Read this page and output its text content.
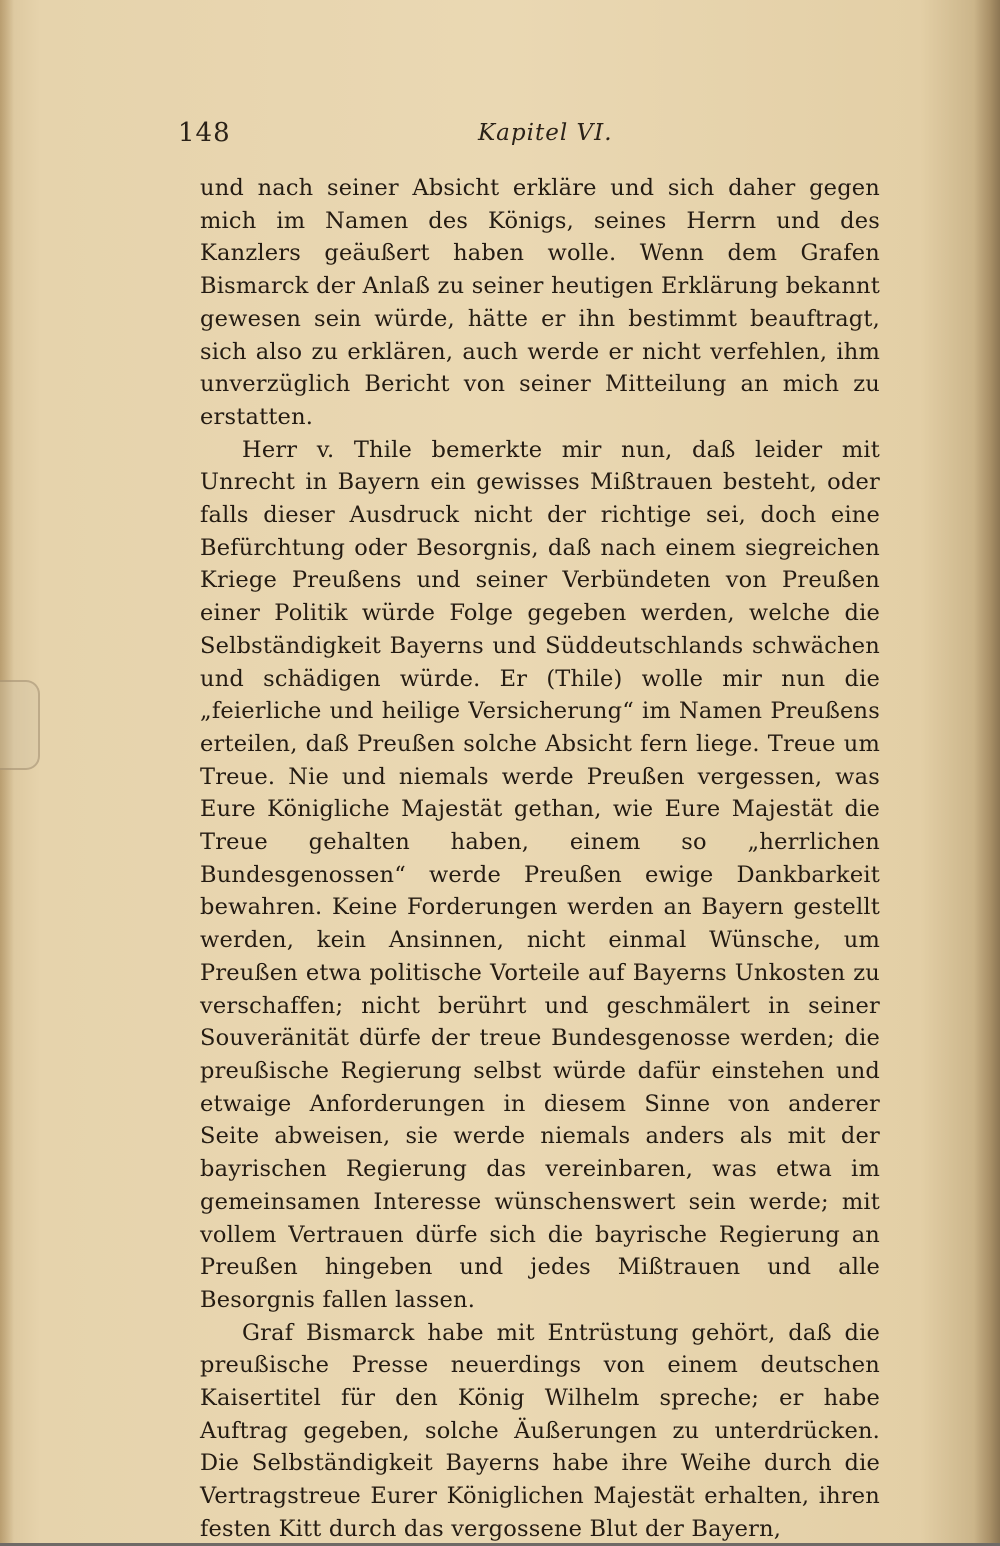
148	Kapitel VI.

und nach seiner Absicht erkläre und sich daher gegen mich im Namen des Königs, seines Herrn und des Kanzlers geäußert haben wolle. Wenn dem Grafen Bismarck der Anlaß zu seiner heutigen Erklärung bekannt gewesen sein würde, hätte er ihn bestimmt beauftragt, sich also zu erklären, auch werde er nicht verfehlen, ihm unverzüglich Bericht von seiner Mitteilung an mich zu erstatten.

Herr v. Thile bemerkte mir nun, daß leider mit Unrecht in Bayern ein gewisses Mißtrauen besteht, oder falls dieser Ausdruck nicht der richtige sei, doch eine Befürchtung oder Besorgnis, daß nach einem siegreichen Kriege Preußens und seiner Verbündeten von Preußen einer Politik würde Folge gegeben werden, welche die Selbständigkeit Bayerns und Süddeutschlands schwächen und schädigen würde. Er (Thile) wolle mir nun die „feierliche und heilige Versicherung“ im Namen Preußens erteilen, daß Preußen solche Absicht fern liege. Treue um Treue. Nie und niemals werde Preußen vergessen, was Eure Königliche Majestät gethan, wie Eure Majestät die Treue gehalten haben, einem so „herrlichen Bundesgenossen“ werde Preußen ewige Dankbarkeit bewahren. Keine Forderungen werden an Bayern gestellt werden, kein Ansinnen, nicht einmal Wünsche, um Preußen etwa politische Vorteile auf Bayerns Unkosten zu verschaffen; nicht berührt und geschmälert in seiner Souveränität dürfe der treue Bundesgenosse werden; die preußische Regierung selbst würde dafür einstehen und etwaige Anforderungen in diesem Sinne von anderer Seite abweisen, sie werde niemals anders als mit der bayrischen Regierung das vereinbaren, was etwa im gemeinsamen Interesse wünschenswert sein werde; mit vollem Vertrauen dürfe sich die bayrische Regierung an Preußen hingeben und jedes Mißtrauen und alle Besorgnis fallen lassen.

Graf Bismarck habe mit Entrüstung gehört, daß die preußische Presse neuerdings von einem deutschen Kaisertitel für den König Wilhelm spreche; er habe Auftrag gegeben, solche Äußerungen zu unterdrücken. Die Selbständigkeit Bayerns habe ihre Weihe durch die Vertragstreue Eurer Königlichen Majestät erhalten, ihren festen Kitt durch das vergossene Blut der Bayern,
